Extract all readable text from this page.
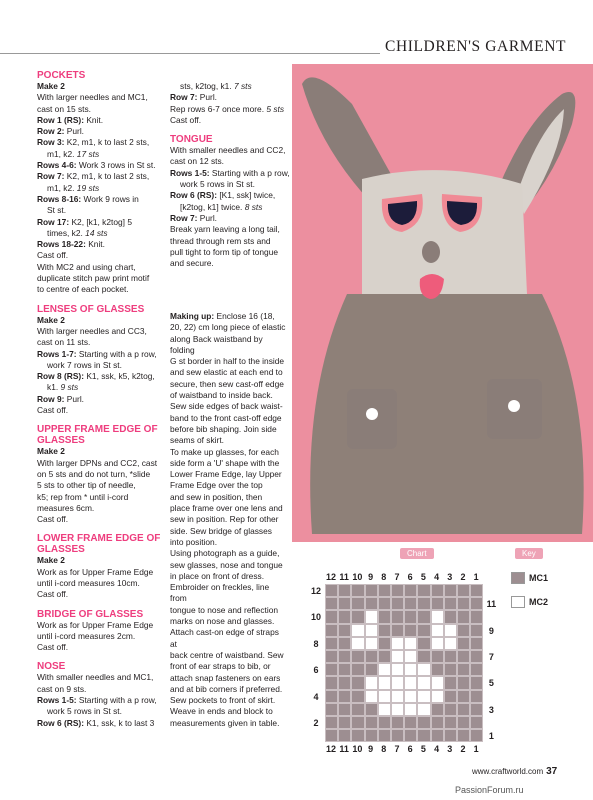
CHILDREN'S GARMENT
POCKETS
Make 2
With larger needles and MC1,
cast on 15 sts.
Row 1 (RS): Knit.
Row 2: Purl.
Row 3: K2, m1, k to last 2 sts,
m1, k2. 17 sts
Rows 4-6: Work 3 rows in St st.
Row 7: K2, m1, k to last 2 sts,
m1, k2. 19 sts
Rows 8-16: Work 9 rows in
St st.
Row 17: K2, [k1, k2tog] 5
times, k2. 14 sts
Rows 18-22: Knit.
Cast off.
With MC2 and using chart,
duplicate stitch paw print motif
to centre of each pocket.
LENSES OF GLASSES
Make 2
With larger needles and CC3,
cast on 11 sts.
Rows 1-7: Starting with a p row,
work 7 rows in St st.
Row 8 (RS): K1, ssk, k5, k2tog,
k1. 9 sts
Row 9: Purl.
Cast off.
UPPER FRAME EDGE OF GLASSES
Make 2
With larger DPNs and CC2, cast
on 5 sts and do not turn, *slide
5 sts to other tip of needle,
k5; rep from * until i-cord
measures 6cm.
Cast off.
LOWER FRAME EDGE OF GLASSES
Make 2
Work as for Upper Frame Edge
until i-cord measures 10cm.
Cast off.
BRIDGE OF GLASSES
Work as for Upper Frame Edge
until i-cord measures 2cm.
Cast off.
NOSE
With smaller needles and MC1,
cast on 9 sts.
Rows 1-5: Starting with a p row,
work 5 rows in St st.
Row 6 (RS): K1, ssk, k to last 3
sts, k2tog, k1. 7 sts
Row 7: Purl.
Rep rows 6-7 once more. 5 sts
Cast off.
TONGUE
With smaller needles and CC2,
cast on 12 sts.
Rows 1-5: Starting with a p row,
work 5 rows in St st.
Row 6 (RS): [K1, ssk] twice,
[k2tog, k1] twice. 8 sts
Row 7: Purl.
Break yarn leaving a long tail,
thread through rem sts and
pull tight to form tip of tongue
and secure.
Making up: Enclose 16 (18,
20, 22) cm long piece of elastic
along Back waistband by folding
G st border in half to the inside
and sew elastic at each end to
secure, then sew cast-off edge
of waistband to inside back.
Sew side edges of back waist-
band to the front cast-off edge
before bib shaping. Join side
seams of skirt.
To make up glasses, for each
side form a 'U' shape with the
Lower Frame Edge, lay Upper
Frame Edge over the top
and sew in position, then
place frame over one lens and
sew in position. Rep for other
side. Sew bridge of glasses
into position.
Using photograph as a guide,
sew glasses, nose and tongue
in place on front of dress.
Embroider on freckles, line from
tongue to nose and reflection
marks on nose and glasses.
Attach cast-on edge of straps at
back centre of waistband. Sew
front of ear straps to bib, or
attach snap fasteners on ears
and at bib corners if preferred.
Sew pockets to front of skirt.
Weave in ends and block to
measurements given in table.
Chart	Key
MC1
MC2
www.craftworld.com 37
PassionForum.ru
12
12
11
11
10
10
9
9
8
8
7
7
6
6
5
5
4
4
3
3
2
2
1
1
12
10
8
6
4
2
11
9
7
5
3
1
